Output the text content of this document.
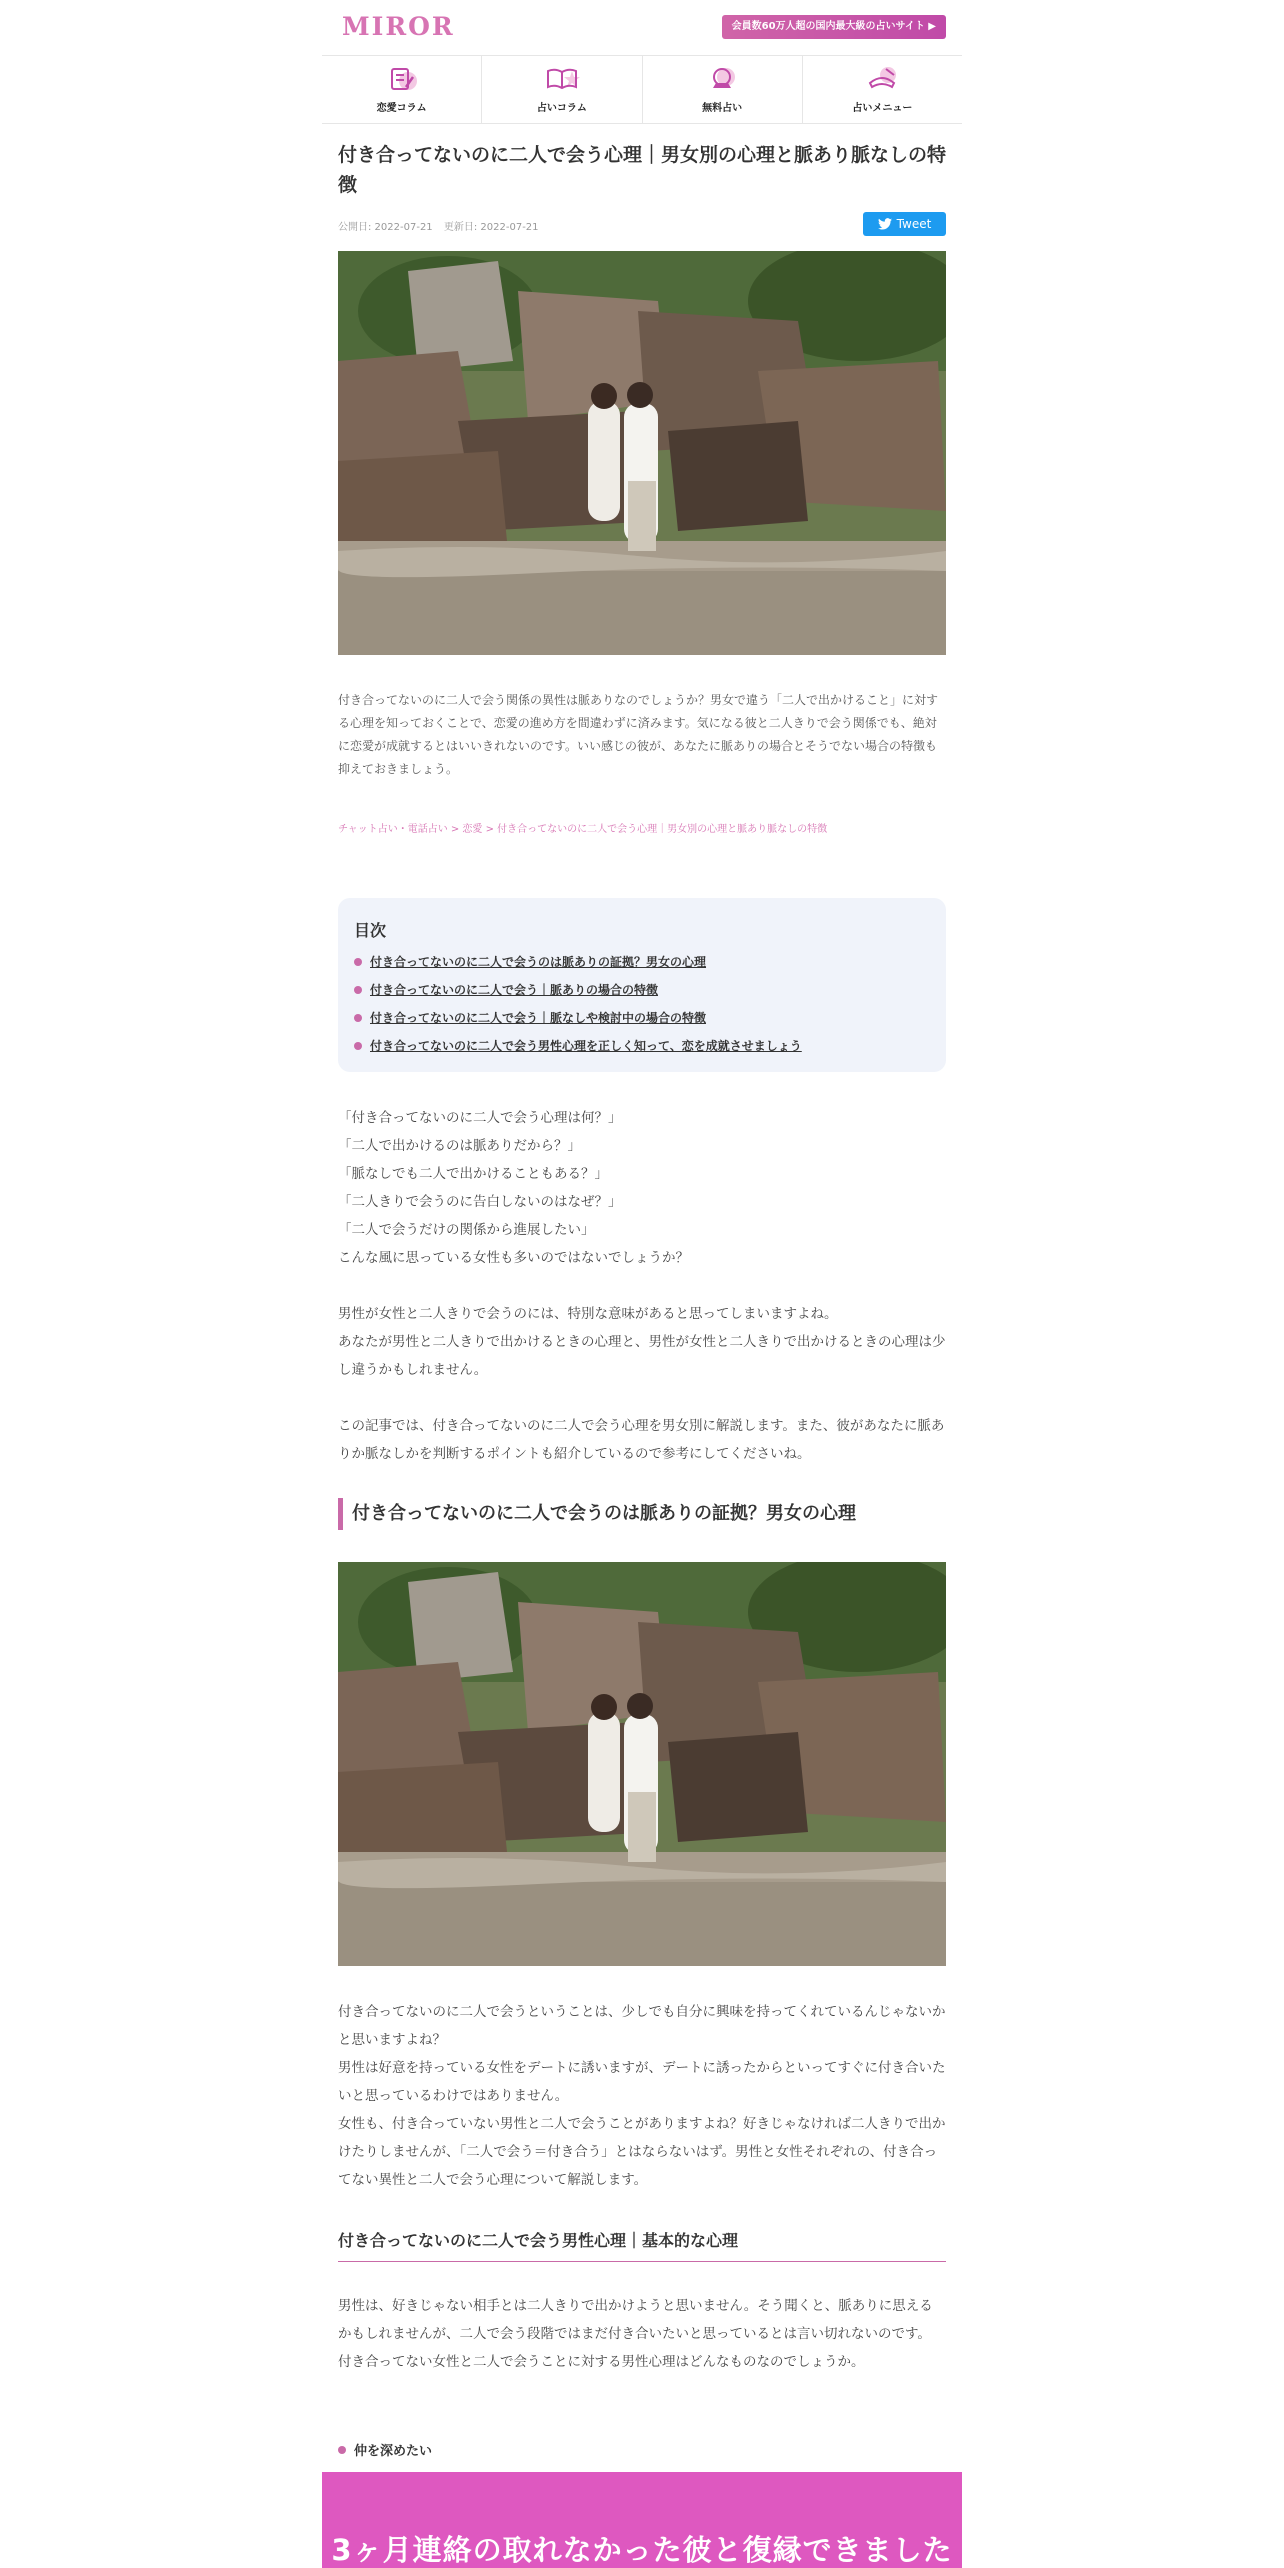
MIROR	会員数60万人超の国内最大級の占いサイト ▶
恋愛コラム	占いコラム	無料占い	占いメニュー
付き合ってないのに二人で会う心理｜男女別の心理と脈あり脈なしの特徴
公開日: 2022-07-21 更新日: 2022-07-21	Tweet

付き合ってないのに二人で会う関係の異性は脈ありなのでしょうか？男女で違う「二人で出かけること」に対する心理を知っておくことで、恋愛の進め方を間違わずに済みます。気になる彼と二人きりで会う関係でも、絶対に恋愛が成就するとはいいきれないのです。いい感じの彼が、あなたに脈ありの場合とそうでない場合の特徴も抑えておきましょう。

チャット占い・電話占い > 恋愛 > 付き合ってないのに二人で会う心理｜男女別の心理と脈あり脈なしの特徴
目次
付き合ってないのに二人で会うのは脈ありの証拠？男女の心理
付き合ってないのに二人で会う｜脈ありの場合の特徴
付き合ってないのに二人で会う｜脈なしや検討中の場合の特徴
付き合ってないのに二人で会う男性心理を正しく知って、恋を成就させましょう
「付き合ってないのに二人で会う心理は何？」
「二人で出かけるのは脈ありだから？」
「脈なしでも二人で出かけることもある？」
「二人きりで会うのに告白しないのはなぜ？」
「二人で会うだけの関係から進展したい」
こんな風に思っている女性も多いのではないでしょうか？
男性が女性と二人きりで会うのには、特別な意味があると思ってしまいますよね。
あなたが男性と二人きりで出かけるときの心理と、男性が女性と二人きりで出かけるときの心理は少し違うかもしれません。

この記事では、付き合ってないのに二人で会う心理を男女別に解説します。また、彼があなたに脈ありか脈なしかを判断するポイントも紹介しているので参考にしてくださいね。

付き合ってないのに二人で会うのは脈ありの証拠？男女の心理
付き合ってないのに二人で会うということは、少しでも自分に興味を持ってくれているんじゃないかと思いますよね？
男性は好意を持っている女性をデートに誘いますが、デートに誘ったからといってすぐに付き合いたいと思っているわけではありません。
女性も、付き合っていない男性と二人で会うことがありますよね？好きじゃなければ二人きりで出かけたりしませんが、「二人で会う＝付き合う」とはならないはず。男性と女性それぞれの、付き合ってない異性と二人で会う心理について解説します。
付き合ってないのに二人で会う男性心理｜基本的な心理
男性は、好きじゃない相手とは二人きりで出かけようと思いません。そう聞くと、脈ありに思えるかもしれませんが、二人で会う段階ではまだ付き合いたいと思っているとは言い切れないのです。
付き合ってない女性と二人で会うことに対する男性心理はどんなものなのでしょうか。
仲を深めたい
3ヶ月連絡の取れなかった彼と復縁できました
